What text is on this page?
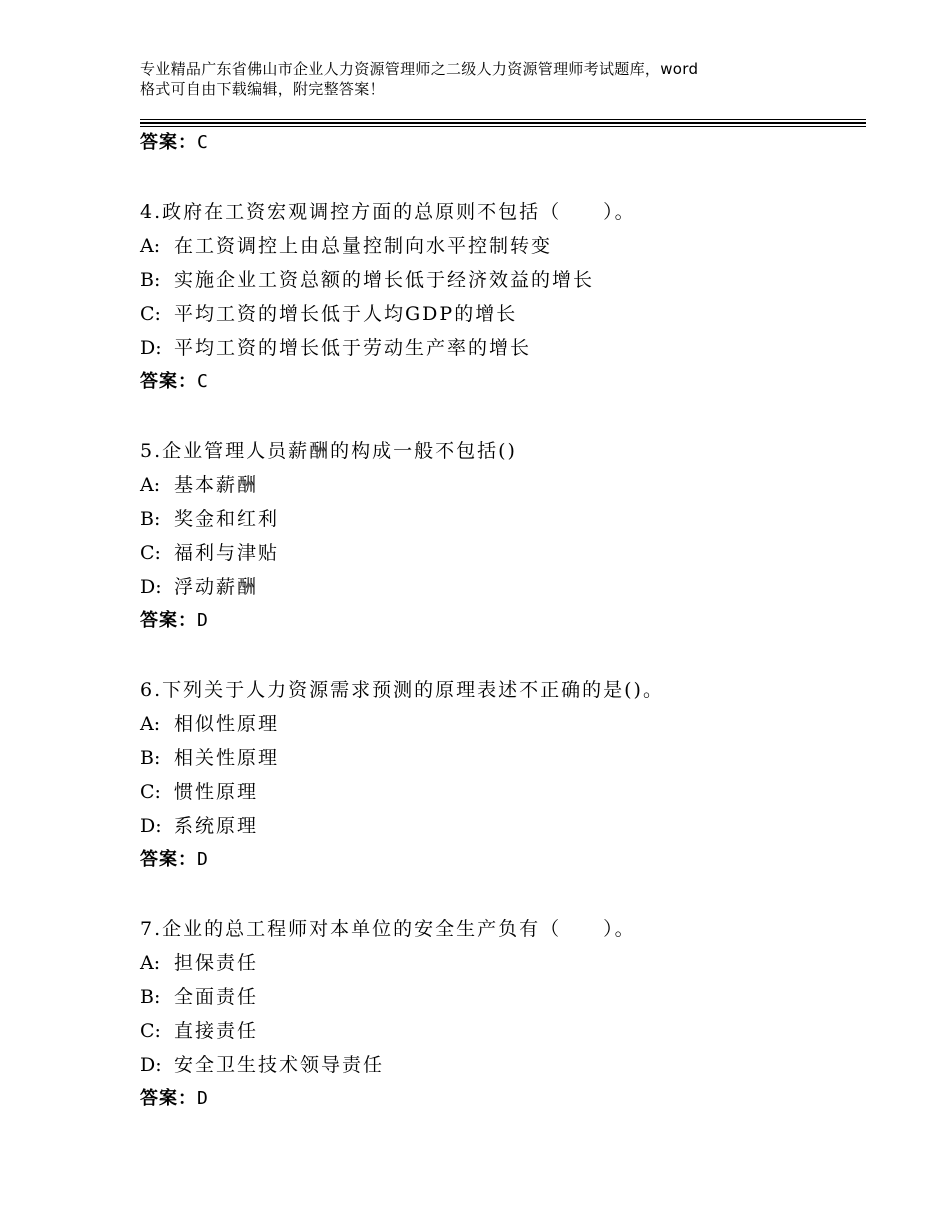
专业精品广东省佛山市企业人力资源管理师之二级人力资源管理师考试题库，word
格式可自由下载编辑，附完整答案！
答案：C
4.政府在工资宏观调控方面的总原则不包括（　　）。
A: 在工资调控上由总量控制向水平控制转变
B: 实施企业工资总额的增长低于经济效益的增长
C: 平均工资的增长低于人均GDP的增长
D: 平均工资的增长低于劳动生产率的增长
答案：C
5.企业管理人员薪酬的构成一般不包括()
A: 基本薪酬
B: 奖金和红利
C: 福利与津贴
D: 浮动薪酬
答案：D
6.下列关于人力资源需求预测的原理表述不正确的是()。
A: 相似性原理
B: 相关性原理
C: 惯性原理
D: 系统原理
答案：D
7.企业的总工程师对本单位的安全生产负有（　　）。
A: 担保责任
B: 全面责任
C: 直接责任
D: 安全卫生技术领导责任
答案：D
